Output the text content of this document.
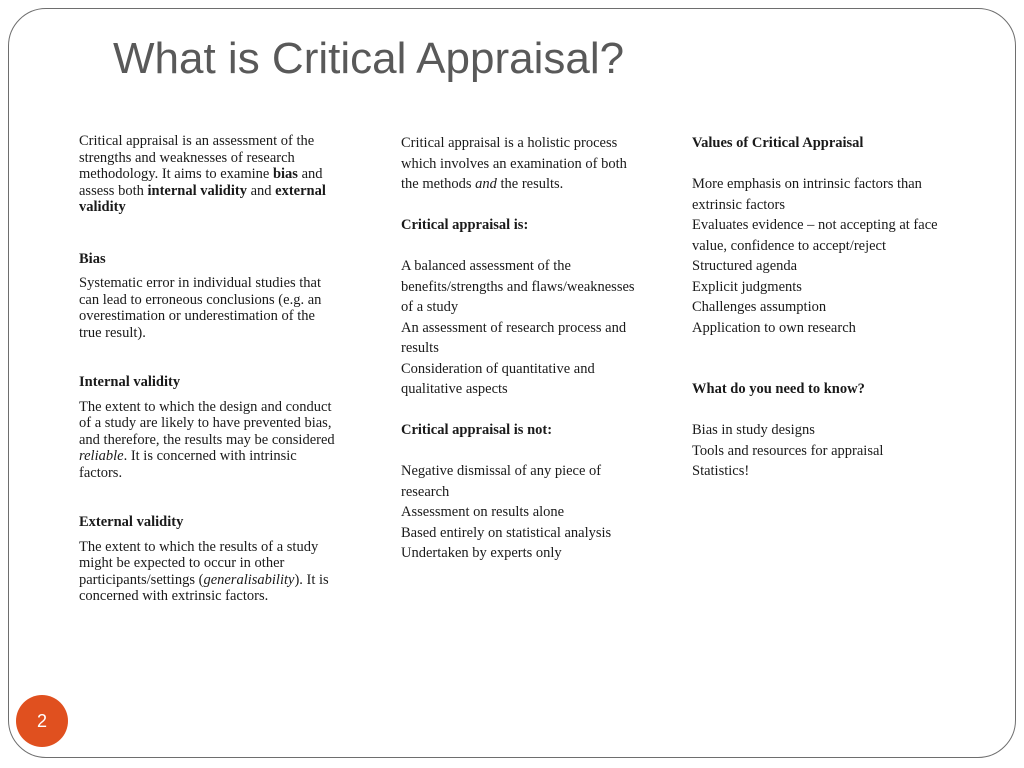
What is Critical Appraisal?

Critical appraisal is an assessment of the strengths and weaknesses of research methodology. It aims to examine bias and assess both internal validity and external validity

Bias

Systematic error in individual studies that can lead to erroneous conclusions (e.g. an overestimation or underestimation of the true result).

Internal validity

The extent to which the design and conduct of a study are likely to have prevented bias, and therefore, the results may be considered reliable. It is concerned with intrinsic factors.

External validity

The extent to which the results of a study might be expected to occur in other participants/settings (generalisability). It is concerned with extrinsic factors.

Critical appraisal is a holistic process which involves an examination of both the methods and the results.

Critical appraisal is:

A balanced assessment of the benefits/strengths and flaws/weaknesses of a study

An assessment of research process and results

Consideration of quantitative and qualitative aspects

Critical appraisal is not:

Negative dismissal of any piece of research

Assessment on results alone

Based entirely on statistical analysis

Undertaken by experts only

Values of Critical Appraisal

More emphasis on intrinsic factors than extrinsic factors

Evaluates evidence – not accepting at face value, confidence to accept/reject

Structured agenda

Explicit judgments

Challenges assumption

Application to own research

What do you need to know?

Bias in study designs

Tools and resources for appraisal

Statistics!

2
